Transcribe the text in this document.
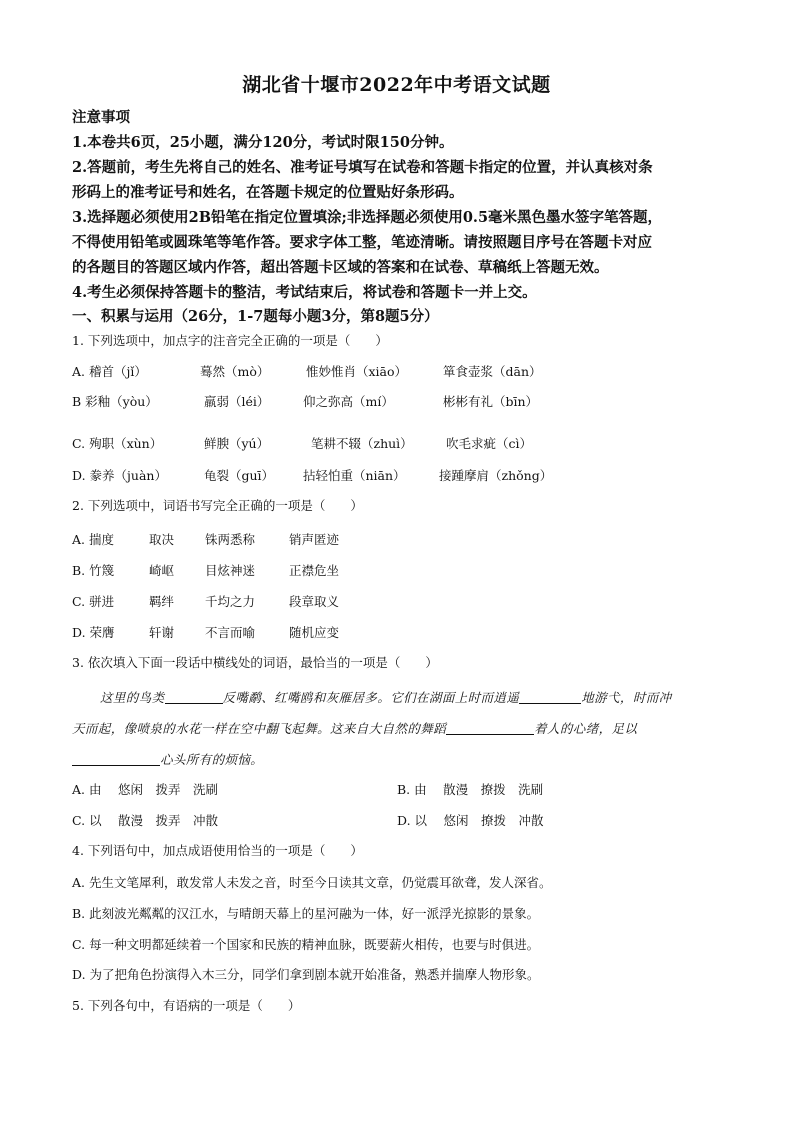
湖北省十堰市2022年中考语文试题
注意事项
1.本卷共6页，25小题，满分120分，考试时限150分钟。
2.答题前，考生先将自己的姓名、准考证号填写在试卷和答题卡指定的位置，并认真核对条
形码上的准考证号和姓名，在答题卡规定的位置贴好条形码。
3.选择题必须使用2B铅笔在指定位置填涂;非选择题必须使用0.5毫米黑色墨水签字笔答题，
不得使用铅笔或圆珠笔等笔作答。要求字体工整，笔迹清晰。请按照题目序号在答题卡对应
的各题目的答题区域内作答，超出答题卡区域的答案和在试卷、草稿纸上答题无效。
4.考生必须保持答题卡的整洁，考试结束后，将试卷和答题卡一并上交。
一、积累与运用（26分，1-7题每小题3分，第8题5分）
1. 下列选项中，加点字的注音完全正确的一项是（　　）
A. 稽首（jǐ）	蓦然（mò）	惟妙惟肖（xiāo）	箪食壶浆（dān）
B 彩釉（yòu）	羸弱（léi）	仰之弥高（mí）	彬彬有礼（bīn）
C. 殉职（xùn）	鲜腴（yú）	笔耕不辍（zhuì）	吹毛求疵（cì）
D. 豢养（juàn）	龟裂（guī） 拈轻怕重（niān）	接踵摩肩（zhǒng）
2. 下列选项中，词语书写完全正确的一项是（　　）
A. 揣度	取决 铢两悉称	销声匿迹
B. 竹篾	崎岖 目炫神迷	正襟危坐
C. 骈进	羁绊 千均之力	段章取义
D. 荣膺	轩谢 不言而喻	随机应变
3. 依次填入下面一段话中横线处的词语，最恰当的一项是（　　）
这里的鸟类	反嘴鹬、红嘴鸥和灰雁居多。它们在湖面上时而逍遥	地游弋，时而冲
天而起，像喷泉的水花一样在空中翻飞起舞。这来自大自然的舞蹈	着人的心绪，足以
心头所有的烦恼。
A. 由　 悠闲　拨弄　洗刷	B. 由　 散漫　撩拨　洗刷
C. 以　 散漫　拨弄　冲散	D. 以　 悠闲　撩拨　冲散
4. 下列语句中，加点成语使用恰当的一项是（　　）
A. 先生文笔犀利，敢发常人未发之音，时至今日读其文章，仍觉震耳欲聋，发人深省。
B. 此刻波光粼粼的汉江水，与晴朗天幕上的星河融为一体，好一派浮光掠影的景象。
C. 每一种文明都延续着一个国家和民族的精神血脉，既要薪火相传，也要与时俱进。
D. 为了把角色扮演得入木三分，同学们拿到剧本就开始准备，熟悉并揣摩人物形象。
5. 下列各句中，有语病的一项是（　　）
